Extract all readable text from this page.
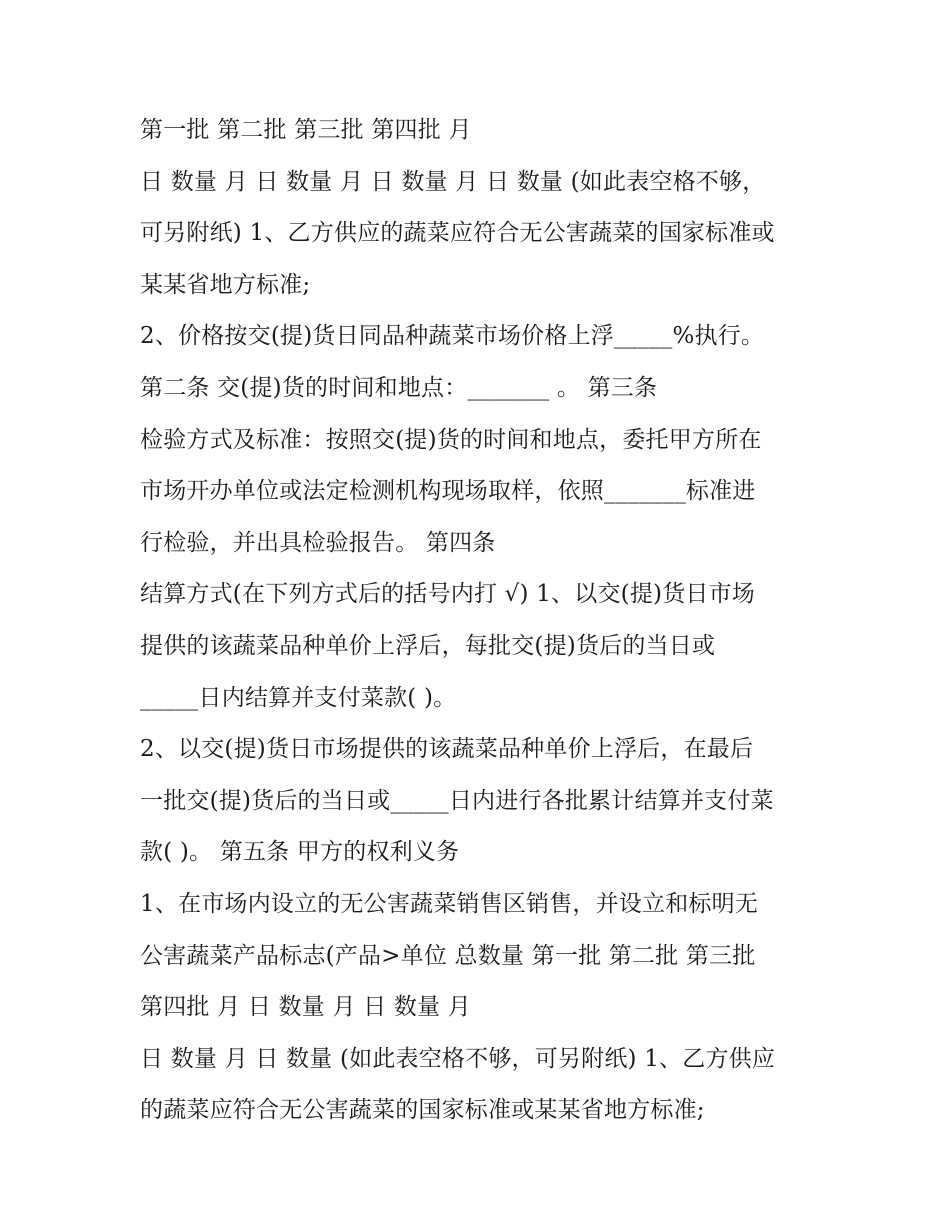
第一批 第二批 第三批 第四批 月
日 数量 月 日 数量 月 日 数量 月 日 数量 (如此表空格不够，
可另附纸) 1、乙方供应的蔬菜应符合无公害蔬菜的国家标准或
某某省地方标准;
2、价格按交(提)货日同品种蔬菜市场价格上浮_____%执行。
第二条 交(提)货的时间和地点：_______ 。 第三条
检验方式及标准：按照交(提)货的时间和地点，委托甲方所在
市场开办单位或法定检测机构现场取样，依照_______标准进
行检验，并出具检验报告。 第四条
结算方式(在下列方式后的括号内打 √) 1、以交(提)货日市场
提供的该蔬菜品种单价上浮后，每批交(提)货后的当日或
_____日内结算并支付菜款( )。
2、以交(提)货日市场提供的该蔬菜品种单价上浮后，在最后
一批交(提)货后的当日或_____日内进行各批累计结算并支付菜
款( )。 第五条 甲方的权利义务
1、在市场内设立的无公害蔬菜销售区销售，并设立和标明无
公害蔬菜产品标志(产品>单位 总数量 第一批 第二批 第三批
第四批 月 日 数量 月 日 数量 月
日 数量 月 日 数量 (如此表空格不够，可另附纸) 1、乙方供应
的蔬菜应符合无公害蔬菜的国家标准或某某省地方标准;
